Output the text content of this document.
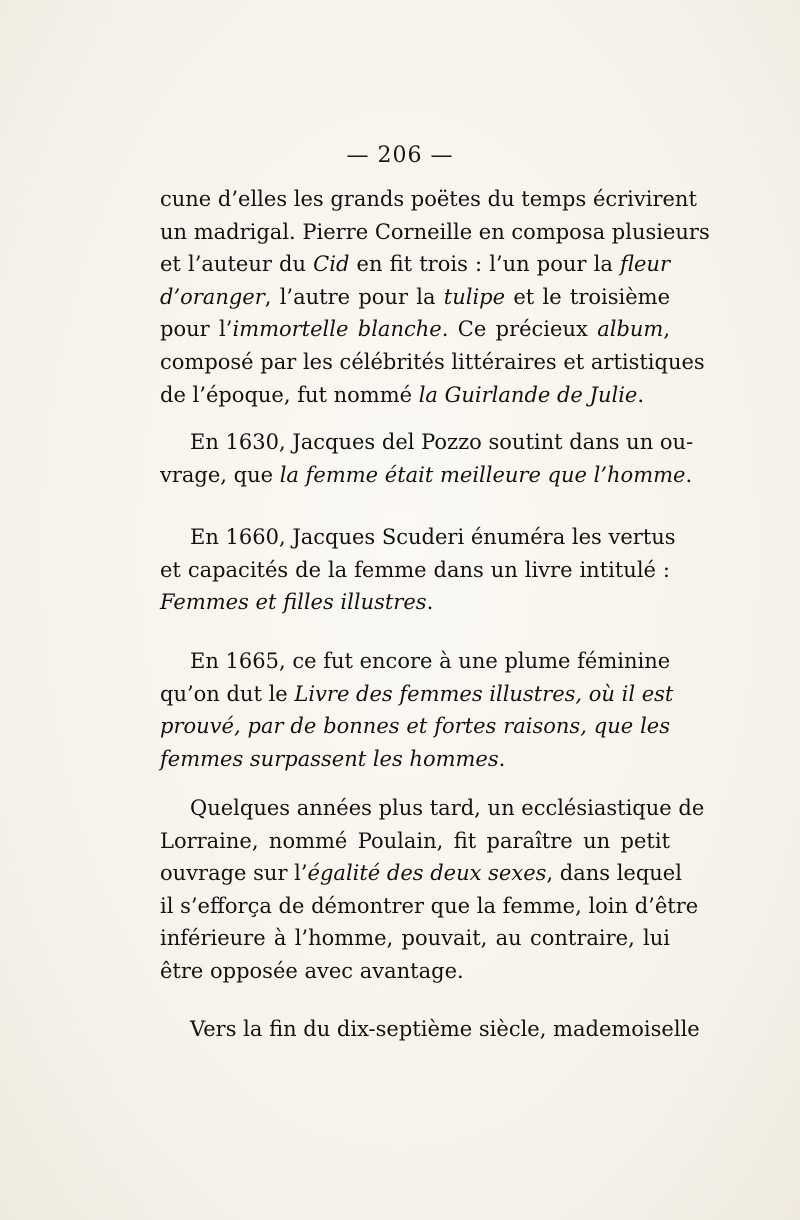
— 206 —
cune d’elles les grands poëtes du temps écrivirent
un madrigal. Pierre Corneille en composa plusieurs
et l’auteur du Cid en fit trois : l’un pour la fleur
d’oranger, l’autre pour la tulipe et le troisième
pour l’immortelle blanche. Ce précieux album,
composé par les célébrités littéraires et artistiques
de l’époque, fut nommé la Guirlande de Julie.
En 1630, Jacques del Pozzo soutint dans un ou-
vrage, que la femme était meilleure que l’homme.
En 1660, Jacques Scuderi énuméra les vertus
et capacités de la femme dans un livre intitulé :
Femmes et filles illustres.
En 1665, ce fut encore à une plume féminine
qu’on dut le Livre des femmes illustres, où il est
prouvé, par de bonnes et fortes raisons, que les
femmes surpassent les hommes.
Quelques années plus tard, un ecclésiastique de
Lorraine, nommé Poulain, fit paraître un petit
ouvrage sur l’égalité des deux sexes, dans lequel
il s’efforça de démontrer que la femme, loin d’être
inférieure à l’homme, pouvait, au contraire, lui
être opposée avec avantage.
Vers la fin du dix-septième siècle, mademoiselle
